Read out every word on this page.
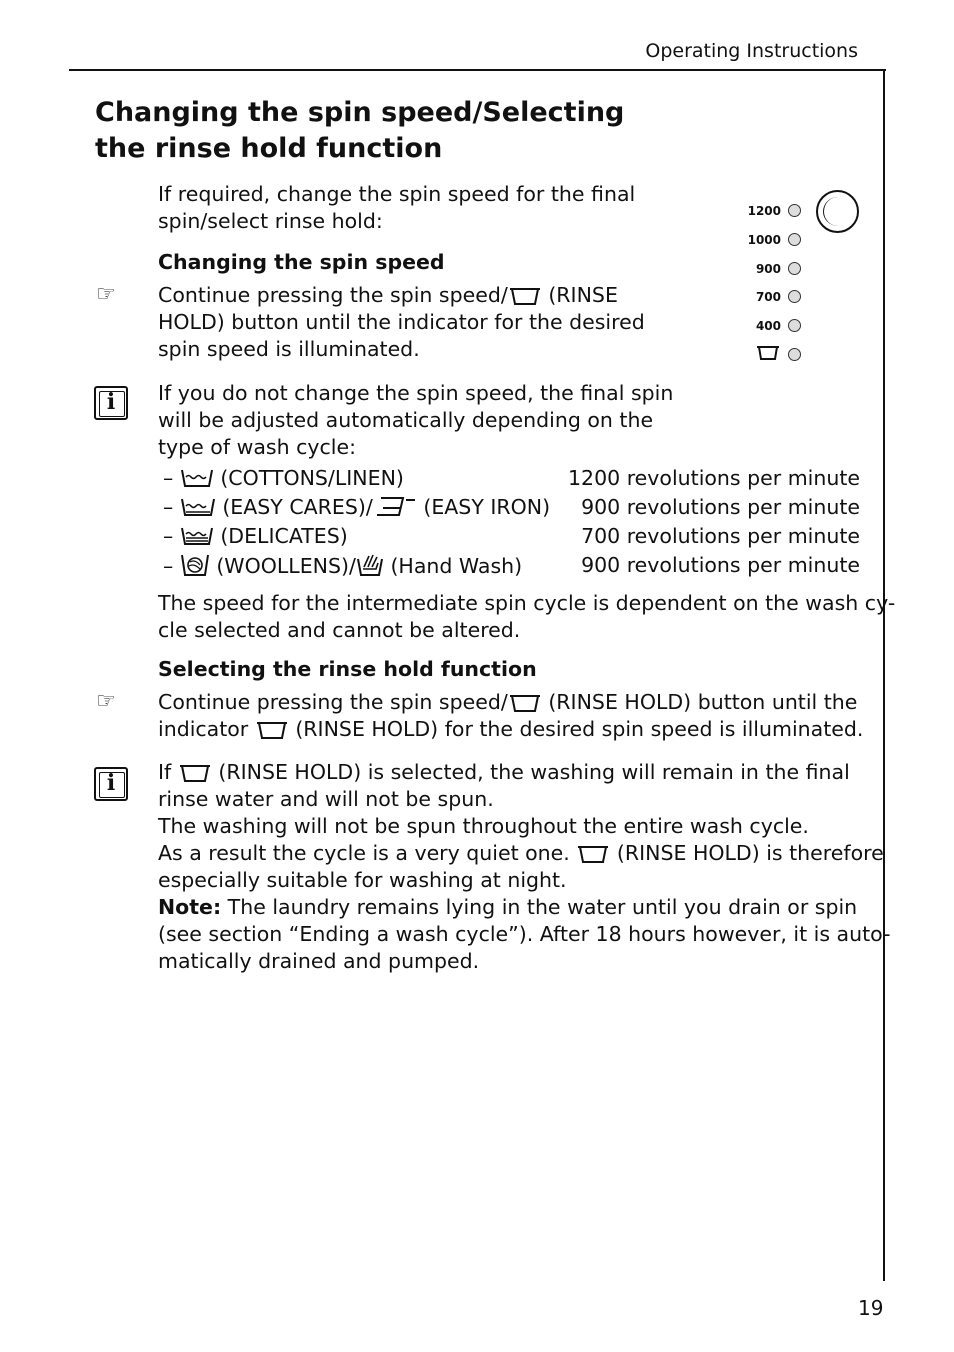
Operating Instructions
19
Changing the spin speed/Selecting the rinse hold function
If required, change the spin speed for the final
spin/select rinse hold:
Changing the spin speed
☞ Continue pressing the spin speed/ (RINSE
HOLD) button until the indicator for the desired
spin speed is illuminated.
1200
1000
900
700
400
i	If you do not change the spin speed, the final spin
will be adjusted automatically depending on the
type of wash cycle:
– (COTTONS/LINEN)	1200 revolutions per minute
– (EASY CARES)/ (EASY IRON) 900 revolutions per minute
– (DELICATES)	700 revolutions per minute
– (WOOLLENS)/ (Hand Wash)	900 revolutions per minute
The speed for the intermediate spin cycle is dependent on the wash cy-
cle selected and cannot be altered.
Selecting the rinse hold function
☞ Continue pressing the spin speed/ (RINSE HOLD) button until the
indicator (RINSE HOLD) for the desired spin speed is illuminated.
i	If (RINSE HOLD) is selected, the washing will remain in the final
rinse water and will not be spun.
The washing will not be spun throughout the entire wash cycle.
As a result the cycle is a very quiet one. (RINSE HOLD) is therefore
especially suitable for washing at night.
Note: The laundry remains lying in the water until you drain or spin
(see section “Ending a wash cycle”). After 18 hours however, it is auto-
matically drained and pumped.
